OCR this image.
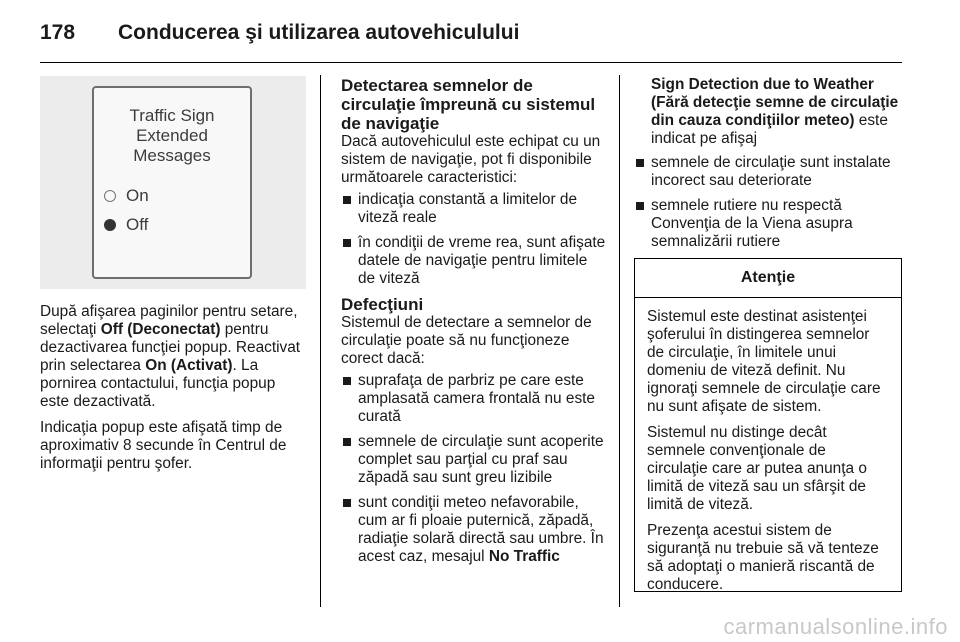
178 Conducerea şi utilizarea autovehiculului
Traffic Sign
Extended
Messages
On
Off

După afişarea paginilor pentru setare, selectaţi Off (Deconectat) pentru dezactivarea funcţiei popup. Reactivat prin selectarea On (Activat). La pornirea contactului, funcţia popup este dezactivată.

Indicaţia popup este afişată timp de aproximativ 8 secunde în Centrul de informaţii pentru şofer.

Detectarea semnelor de circulaţie împreună cu sistemul de navigaţie

Dacă autovehiculul este echipat cu un sistem de navigaţie, pot fi disponibile următoarele caracteristici:

indicaţia constantă a limitelor de viteză reale
în condiţii de vreme rea, sunt afişate datele de navigaţie pentru limitele de viteză
Defecţiuni

Sistemul de detectare a semnelor de circulaţie poate să nu funcţioneze corect dacă:

suprafaţa de parbriz pe care este amplasată camera frontală nu este curată
semnele de circulaţie sunt acoperite complet sau parţial cu praf sau zăpadă sau sunt greu lizibile
sunt condiţii meteo nefavorabile, cum ar fi ploaie puternică, zăpadă, radiaţie solară directă sau umbre. În acest caz, mesajul No Traffic

Sign Detection due to Weather (Fără detecţie semne de circulaţie din cauza condiţiilor meteo) este indicat pe afişaj

semnele de circulaţie sunt instalate incorect sau deteriorate
semnele rutiere nu respectă Convenţia de la Viena asupra semnalizării rutiere
Atenţie

Sistemul este destinat asistenţei şoferului în distingerea semnelor de circulaţie, în limitele unui domeniu de viteză definit. Nu ignoraţi semnele de circulaţie care nu sunt afişate de sistem.

Sistemul nu distinge decât semnele convenţionale de circulaţie care ar putea anunţa o limită de viteză sau un sfârşit de limită de viteză.

Prezenţa acestui sistem de siguranţă nu trebuie să vă tenteze să adoptaţi o manieră riscantă de conducere.

carmanualsonline.info
